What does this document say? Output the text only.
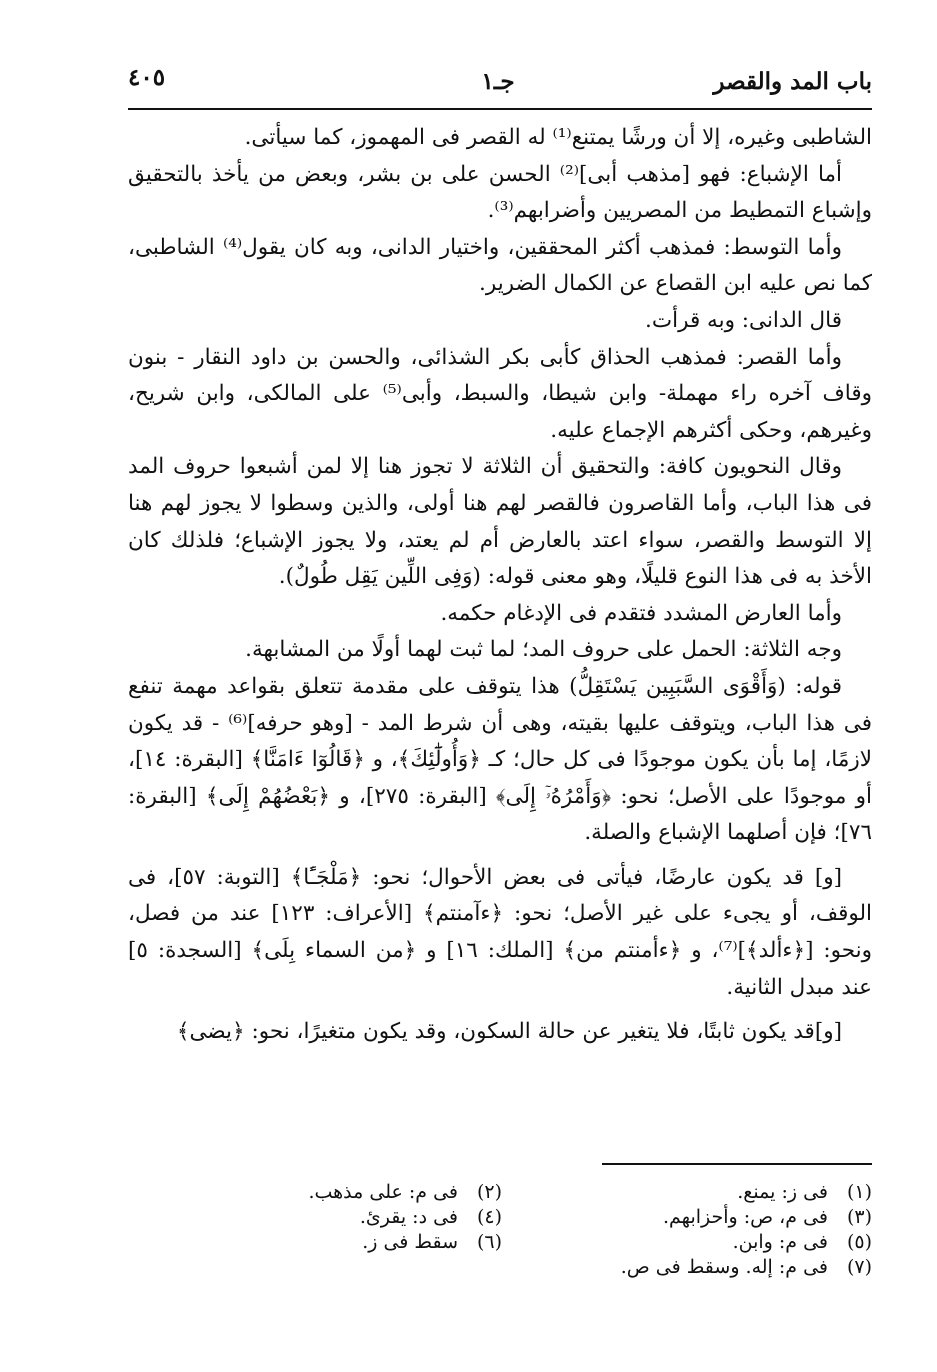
باب المد والقصر
جـ١
٤٠٥

الشاطبى وغيره، إلا أن ورشًا يمتنع⁽¹⁾ له القصر فى المهموز، كما سيأتى.

أما الإشباع: فهو [مذهب أبى]⁽²⁾ الحسن على بن بشر، وبعض من يأخذ بالتحقيق وإشباع التمطيط من المصريين وأضرابهم⁽³⁾.

وأما التوسط: فمذهب أكثر المحققين، واختيار الدانى، وبه كان يقول⁽⁴⁾ الشاطبى، كما نص عليه ابن القصاع عن الكمال الضرير.

قال الدانى: وبه قرأت.

وأما القصر: فمذهب الحذاق كأبى بكر الشذائى، والحسن بن داود النقار - بنون وقاف آخره راء مهملة- وابن شيطا، والسبط، وأبى⁽⁵⁾ على المالكى، وابن شريح، وغيرهم، وحكى أكثرهم الإجماع عليه.

وقال النحويون كافة: والتحقيق أن الثلاثة لا تجوز هنا إلا لمن أشبعوا حروف المد فى هذا الباب، وأما القاصرون فالقصر لهم هنا أولى، والذين وسطوا لا يجوز لهم هنا إلا التوسط والقصر، سواء اعتد بالعارض أم لم يعتد، ولا يجوز الإشباع؛ فلذلك كان الأخذ به فى هذا النوع قليلًا، وهو معنى قوله: (وَفِى اللِّين يَقِل طُولٌ).

وأما العارض المشدد فتقدم فى الإدغام حكمه.

وجه الثلاثة: الحمل على حروف المد؛ لما ثبت لهما أولًا من المشابهة.

قوله: (وَأَقْوَى السَّبَبِين يَسْتَقِلُّ) هذا يتوقف على مقدمة تتعلق بقواعد مهمة تنفع فى هذا الباب، ويتوقف عليها بقيته، وهى أن شرط المد - [وهو حرفه]⁽⁶⁾ - قد يكون لازمًا، إما بأن يكون موجودًا فى كل حال؛ كـ ﴿وَأُولَٰٓئِكَ﴾، و ﴿قَالُوٓا ءَامَنَّا﴾ [البقرة: ١٤]، أو موجودًا على الأصل؛ نحو: ﴿وَأَمْرُهُۥٓ إِلَى﴾ [البقرة: ٢٧٥]، و ﴿بَعْضُهُمْ إِلَى﴾ [البقرة: ٧٦]؛ فإن أصلهما الإشباع والصلة.

[و] قد يكون عارضًا، فيأتى فى بعض الأحوال؛ نحو: ﴿مَلْجَـًٔا﴾ [التوبة: ٥٧]، فى الوقف، أو يجىء على غير الأصل؛ نحو: ﴿ءآمنتم﴾ [الأعراف: ١٢٣] عند من فصل، ونحو: [﴿ءألد﴾]⁽⁷⁾، و ﴿ءأمنتم من﴾ [الملك: ١٦] و ﴿من السماء بِلَى﴾ [السجدة: ٥] عند مبدل الثانية.

[و]قد يكون ثابتًا، فلا يتغير عن حالة السكون، وقد يكون متغيرًا، نحو: ﴿يضى﴾

(١)
فى ز: يمنع.
(٢)
فى م: على مذهب.
(٣)
فى م، ص: وأحزابهم.
(٤)
فى د: يقرئ.
(٥)
فى م: وابن.
(٦)
سقط فى ز.
(٧)
فى م: إله. وسقط فى ص.
